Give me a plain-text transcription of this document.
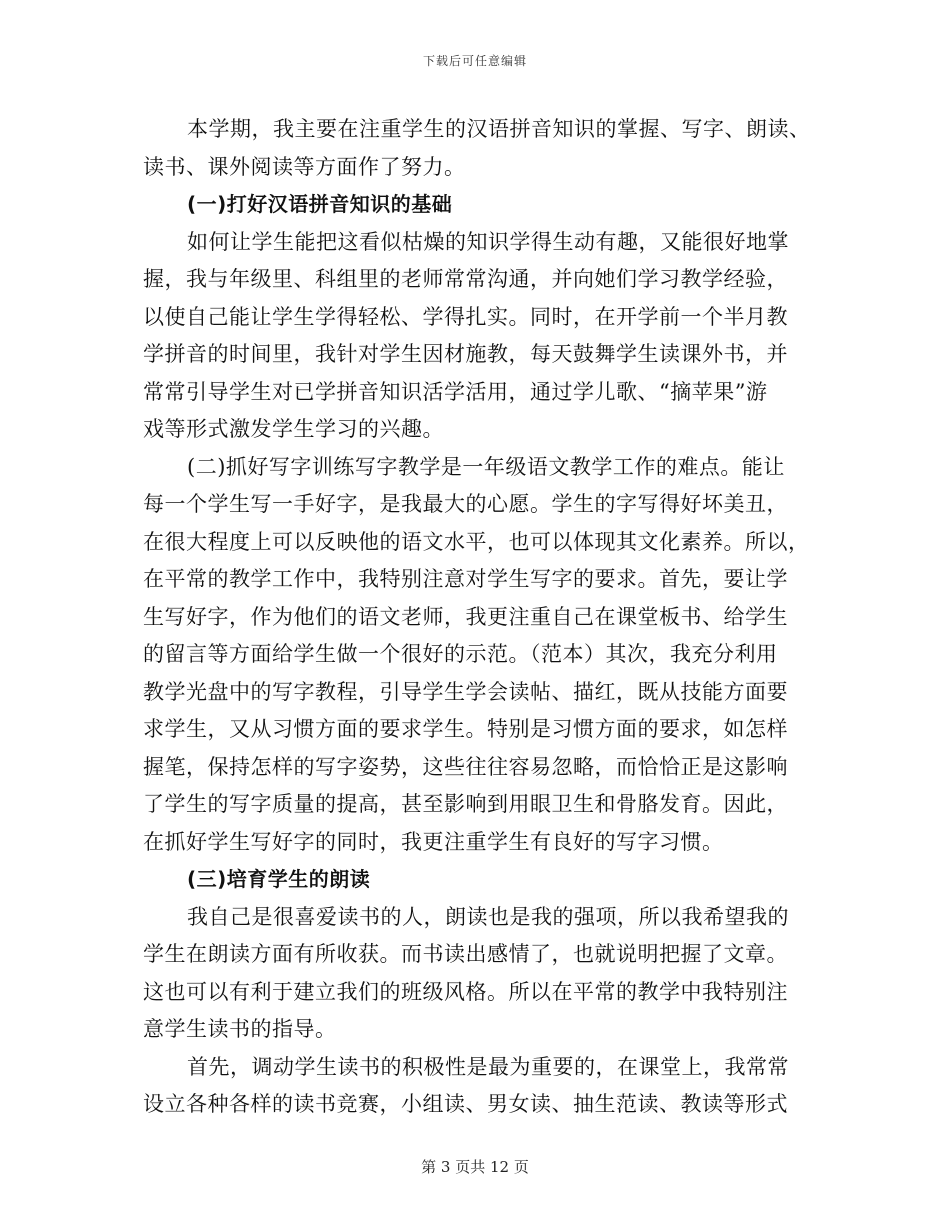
下载后可任意编辑
本学期，我主要在注重学生的汉语拼音知识的掌握、写字、朗读、
读书、课外阅读等方面作了努力。
(一)打好汉语拼音知识的基础
如何让学生能把这看似枯燥的知识学得生动有趣，又能很好地掌
握，我与年级里、科组里的老师常常沟通，并向她们学习教学经验，
以使自己能让学生学得轻松、学得扎实。同时，在开学前一个半月教
学拼音的时间里，我针对学生因材施教，每天鼓舞学生读课外书，并
常常引导学生对已学拼音知识活学活用，通过学儿歌、“摘苹果”游
戏等形式激发学生学习的兴趣。
(二)抓好写字训练写字教学是一年级语文教学工作的难点。能让
每一个学生写一手好字，是我最大的心愿。学生的字写得好坏美丑，
在很大程度上可以反映他的语文水平，也可以体现其文化素养。所以，
在平常的教学工作中，我特别注意对学生写字的要求。首先，要让学
生写好字，作为他们的语文老师，我更注重自己在课堂板书、给学生
的留言等方面给学生做一个很好的示范。（范本）其次，我充分利用
教学光盘中的写字教程，引导学生学会读帖、描红，既从技能方面要
求学生，又从习惯方面的要求学生。特别是习惯方面的要求，如怎样
握笔，保持怎样的写字姿势，这些往往容易忽略，而恰恰正是这影响
了学生的写字质量的提高，甚至影响到用眼卫生和骨胳发育。因此，
在抓好学生写好字的同时，我更注重学生有良好的写字习惯。
(三)培育学生的朗读
我自己是很喜爱读书的人，朗读也是我的强项，所以我希望我的
学生在朗读方面有所收获。而书读出感情了，也就说明把握了文章。
这也可以有利于建立我们的班级风格。所以在平常的教学中我特别注
意学生读书的指导。
首先，调动学生读书的积极性是最为重要的，在课堂上，我常常
设立各种各样的读书竞赛，小组读、男女读、抽生范读、教读等形式
第 3 页共 12 页
